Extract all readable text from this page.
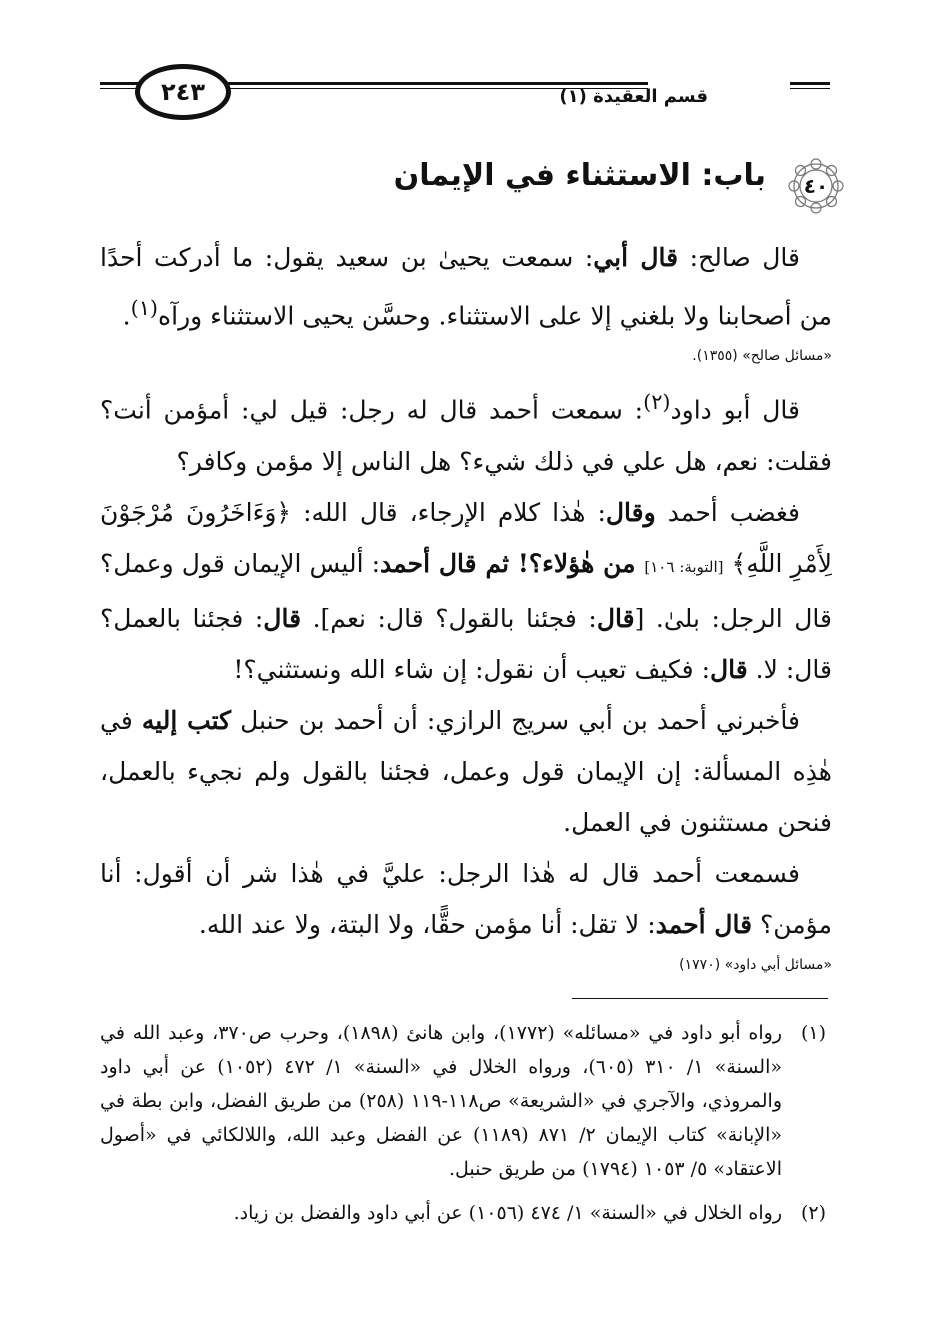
٢٤٣	قسم العقيدة (١)
٤٠
باب: الاستثناء في الإيمان

قال صالح: قال أبي: سمعت يحيىٰ بن سعيد يقول: ما أدركت أحدًا من أصحابنا ولا بلغني إلا على الاستثناء. وحسَّن يحيى الاستثناء ورآه$^{(١)}$.

«مسائل صالح» (١٣٥٥).

قال أبو داود$^{(٢)}$: سمعت أحمد قال له رجل: قيل لي: أمؤمن أنت؟ فقلت: نعم، هل علي في ذلك شيء؟ هل الناس إلا مؤمن وكافر؟

فغضب أحمد وقال: هٰذا كلام الإرجاء، قال الله: ﴿وَءَاخَرُونَ مُرْجَوْنَ لِأَمْرِ اللَّهِ﴾ [التوبة: ١٠٦] من هٰؤلاء؟! ثم قال أحمد: أليس الإيمان قول وعمل؟ قال الرجل: بلىٰ. [قال: فجئنا بالقول؟ قال: نعم]. قال: فجئنا بالعمل؟ قال: لا. قال: فكيف تعيب أن نقول: إن شاء الله ونستثني؟!

فأخبرني أحمد بن أبي سريج الرازي: أن أحمد بن حنبل كتب إليه في هٰذِه المسألة: إن الإيمان قول وعمل، فجئنا بالقول ولم نجيء بالعمل، فنحن مستثنون في العمل.

فسمعت أحمد قال له هٰذا الرجل: عليَّ في هٰذا شر أن أقول: أنا مؤمن؟ قال أحمد: لا تقل: أنا مؤمن حقًّا، ولا البتة، ولا عند الله.

«مسائل أبي داود» (١٧٧٠)

(١)
رواه أبو داود في «مسائله» (١٧٧٢)، وابن هانئ (١٨٩٨)، وحرب ص٣٧٠، وعبد الله في «السنة» ١/ ٣١٠ (٦٠٥)، ورواه الخلال في «السنة» ١/ ٤٧٢ (١٠٥٢) عن أبي داود والمروذي، والآجري في «الشريعة» ص١١٨-١١٩ (٢٥٨) من طريق الفضل، وابن بطة في «الإبانة» كتاب الإيمان ٢/ ٨٧١ (١١٨٩) عن الفضل وعبد الله، واللالكائي في «أصول الاعتقاد» ٥/ ١٠٥٣ (١٧٩٤) من طريق حنبل.
(٢)
رواه الخلال في «السنة» ١/ ٤٧٤ (١٠٥٦) عن أبي داود والفضل بن زياد.
